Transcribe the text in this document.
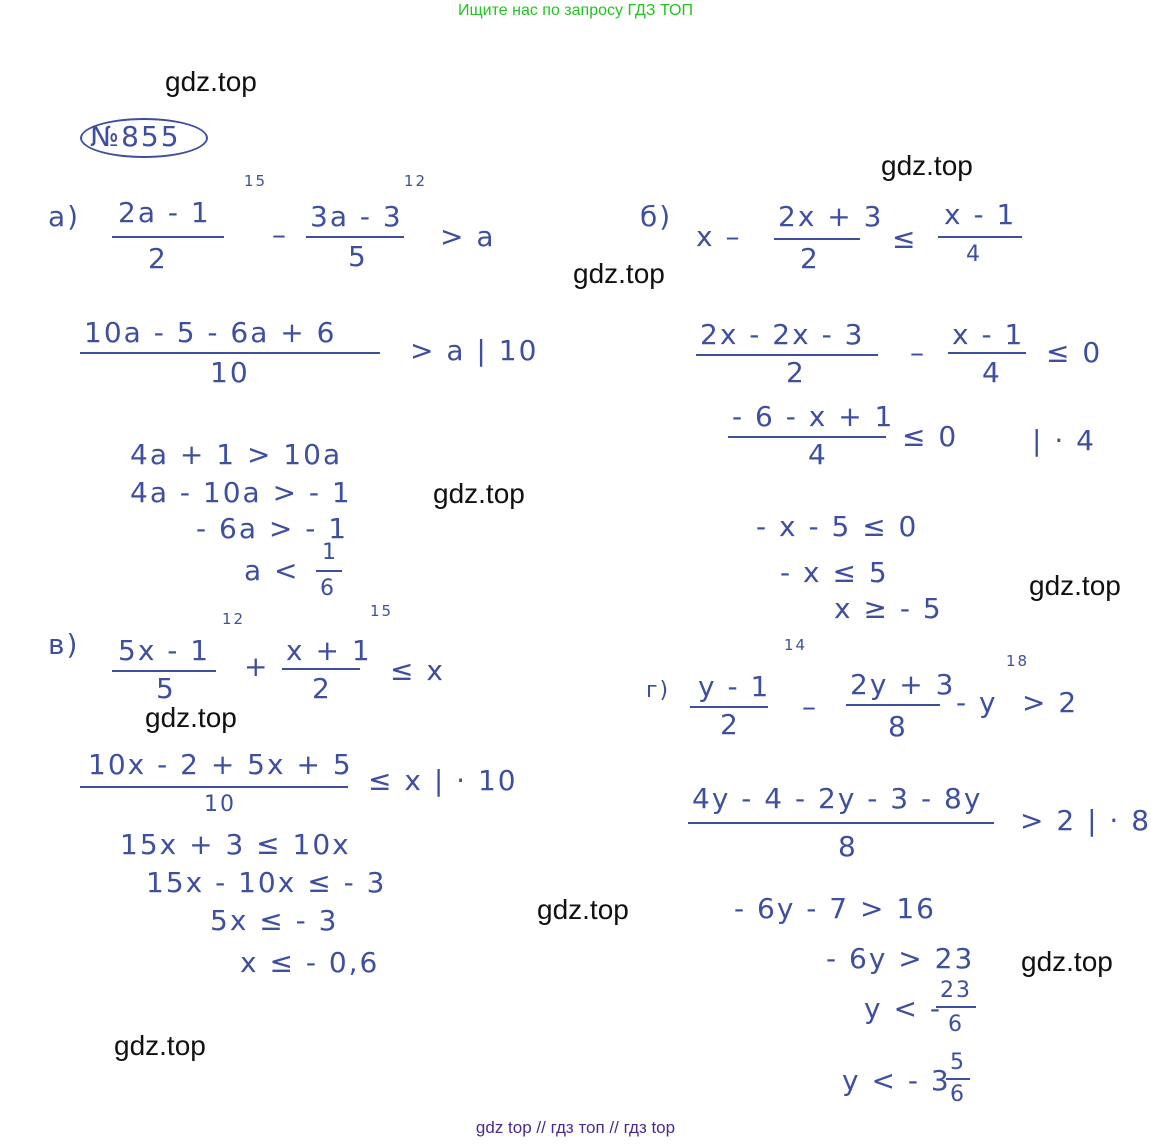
Ищите нас по запросу ГДЗ ТОП
gdz.top
gdz.top
gdz.top
gdz.top
gdz.top
gdz.top
gdz.top
gdz.top
gdz.top
№855
а) 2a - 1
2
15
–
3a - 3
5
12
> a
10a - 5 - 6a + 6
10
> a | 10
4a + 1 > 10a
4a - 10a > - 1
- 6a > - 1
a <
1
6
б)
x –
2x + 3
2
≤
x - 1
4
2x - 2x - 3
2
–
x - 1
4
≤ 0
- 6 - x + 1
4
≤ 0	| · 4
- x - 5 ≤ 0
- x ≤ 5
x ≥ - 5
в) 5x - 1
5
12
+ x + 1
2
15
≤ x
10x - 2 + 5x + 5
10
≤ x | · 10
15x + 3 ≤ 10x
15x - 10x ≤ - 3
5x ≤ - 3
x ≤ - 0,6
г) y - 1
2
14
–
2y + 3
8
- y
18
> 2
4y - 4 - 2y - 3 - 8y
8
> 2 | · 8
- 6y - 7 > 16
- 6y > 23
y < -
23
6
y < - 3
5
6
gdz top // гдз топ // гдз top
